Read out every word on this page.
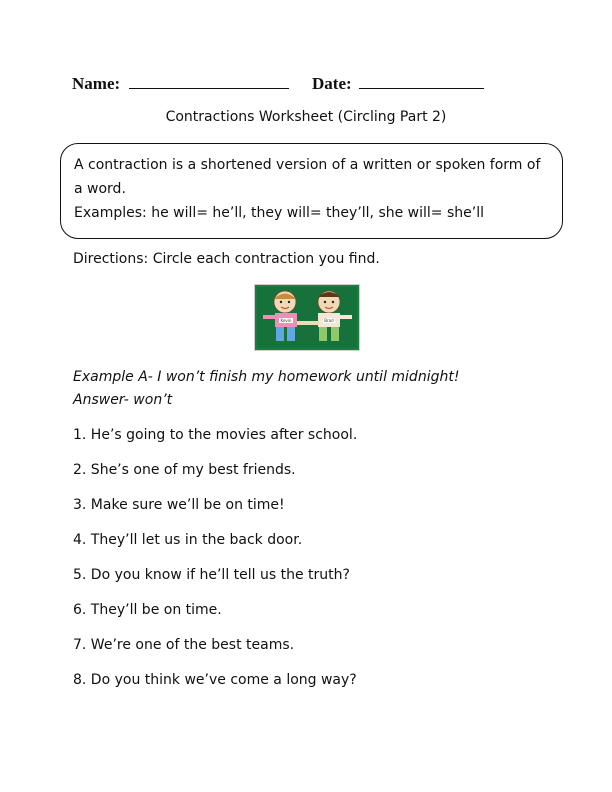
Name:	Date:
Contractions Worksheet (Circling Part 2)

A contraction is a shortened version of a written or spoken form of a word.

Examples: he will= he’ll, they will= they’ll, she will= she’ll

Directions: Circle each contraction you find.
Kevin	Brad

Example A- I won’t finish my homework until midnight!

Answer- won’t

1. He’s going to the movies after school.
2. She’s one of my best friends.
3. Make sure we’ll be on time!
4. They’ll let us in the back door.
5. Do you know if he’ll tell us the truth?
6. They’ll be on time.
7. We’re one of the best teams.
8. Do you think we’ve come a long way?
